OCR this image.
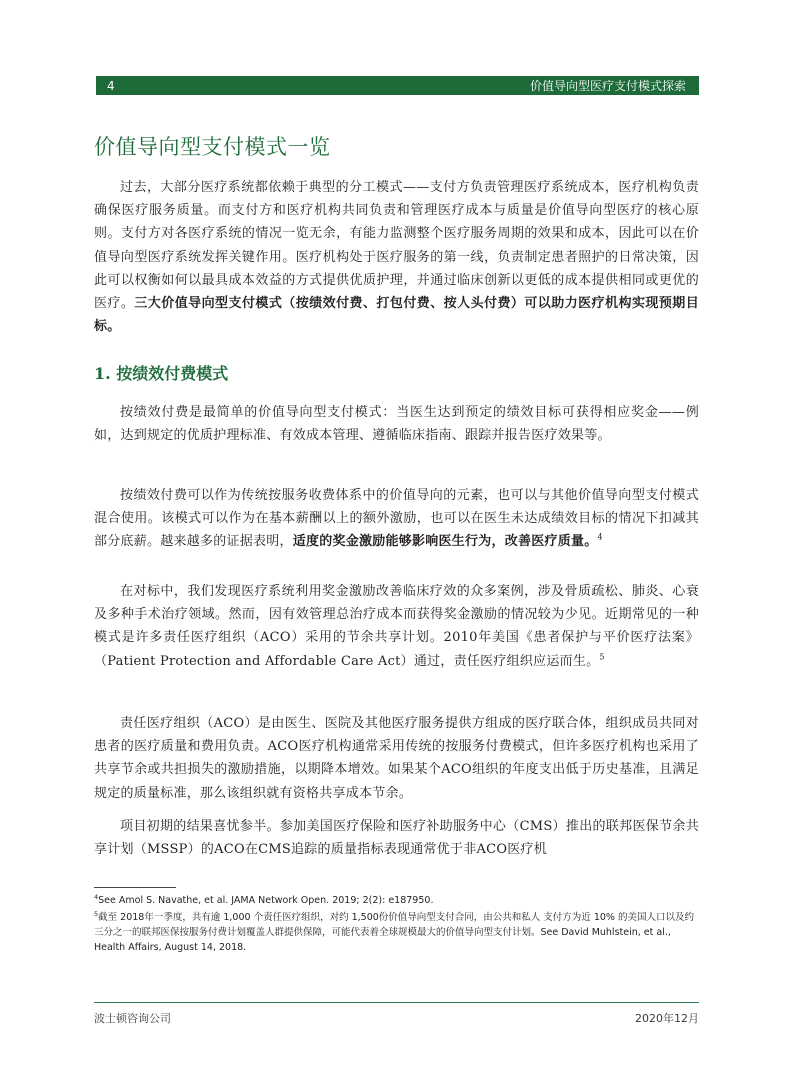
4	价值导向型医疗支付模式探索
价值导向型支付模式一览

过去，大部分医疗系统都依赖于典型的分工模式——支付方负责管理医疗系统成本，医疗机构负责确保医疗服务质量。而支付方和医疗机构共同负责和管理医疗成本与质量是价值导向型医疗的核心原则。支付方对各医疗系统的情况一览无余，有能力监测整个医疗服务周期的效果和成本，因此可以在价值导向型医疗系统发挥关键作用。医疗机构处于医疗服务的第一线，负责制定患者照护的日常决策，因此可以权衡如何以最具成本效益的方式提供优质护理，并通过临床创新以更低的成本提供相同或更优的医疗。三大价值导向型支付模式（按绩效付费、打包付费、按人头付费）可以助力医疗机构实现预期目标。

1. 按绩效付费模式

按绩效付费是最简单的价值导向型支付模式：当医生达到预定的绩效目标可获得相应奖金——例如，达到规定的优质护理标准、有效成本管理、遵循临床指南、跟踪并报告医疗效果等。

按绩效付费可以作为传统按服务收费体系中的价值导向的元素，也可以与其他价值导向型支付模式混合使用。该模式可以作为在基本薪酬以上的额外激励，也可以在医生未达成绩效目标的情况下扣减其部分底薪。越来越多的证据表明，适度的奖金激励能够影响医生行为，改善医疗质量。$^4$

在对标中，我们发现医疗系统利用奖金激励改善临床疗效的众多案例，涉及骨质疏松、肺炎、心衰及多种手术治疗领域。然而，因有效管理总治疗成本而获得奖金激励的情况较为少见。近期常见的一种模式是许多责任医疗组织（ACO）采用的节余共享计划。2010年美国《患者保护与平价医疗法案》（Patient Protection and Affordable Care Act）通过，责任医疗组织应运而生。$^5$

责任医疗组织（ACO）是由医生、医院及其他医疗服务提供方组成的医疗联合体，组织成员共同对患者的医疗质量和费用负责。ACO医疗机构通常采用传统的按服务付费模式，但许多医疗机构也采用了共享节余或共担损失的激励措施，以期降本增效。如果某个ACO组织的年度支出低于历史基准，且满足规定的质量标准，那么该组织就有资格共享成本节余。

项目初期的结果喜忧参半。参加美国医疗保险和医疗补助服务中心（CMS）推出的联邦医保节余共享计划（MSSP）的ACO在CMS追踪的质量指标表现通常优于非ACO医疗机

$^4$See Amol S. Navathe, et al. JAMA Network Open. 2019; 2(2): e187950.
$^5$截至 2018年一季度，共有逾 1,000 个责任医疗组织，对约 1,500份价值导向型支付合同，由公共和私人 支付方为近 10% 的美国人口以及约三分之一的联邦医保按服务付费计划覆盖人群提供保障，可能代表着全球规模最大的价值导向型支付计划。See David Muhlstein, et al., Health Affairs, August 14, 2018.
波士顿咨询公司	2020年12月
